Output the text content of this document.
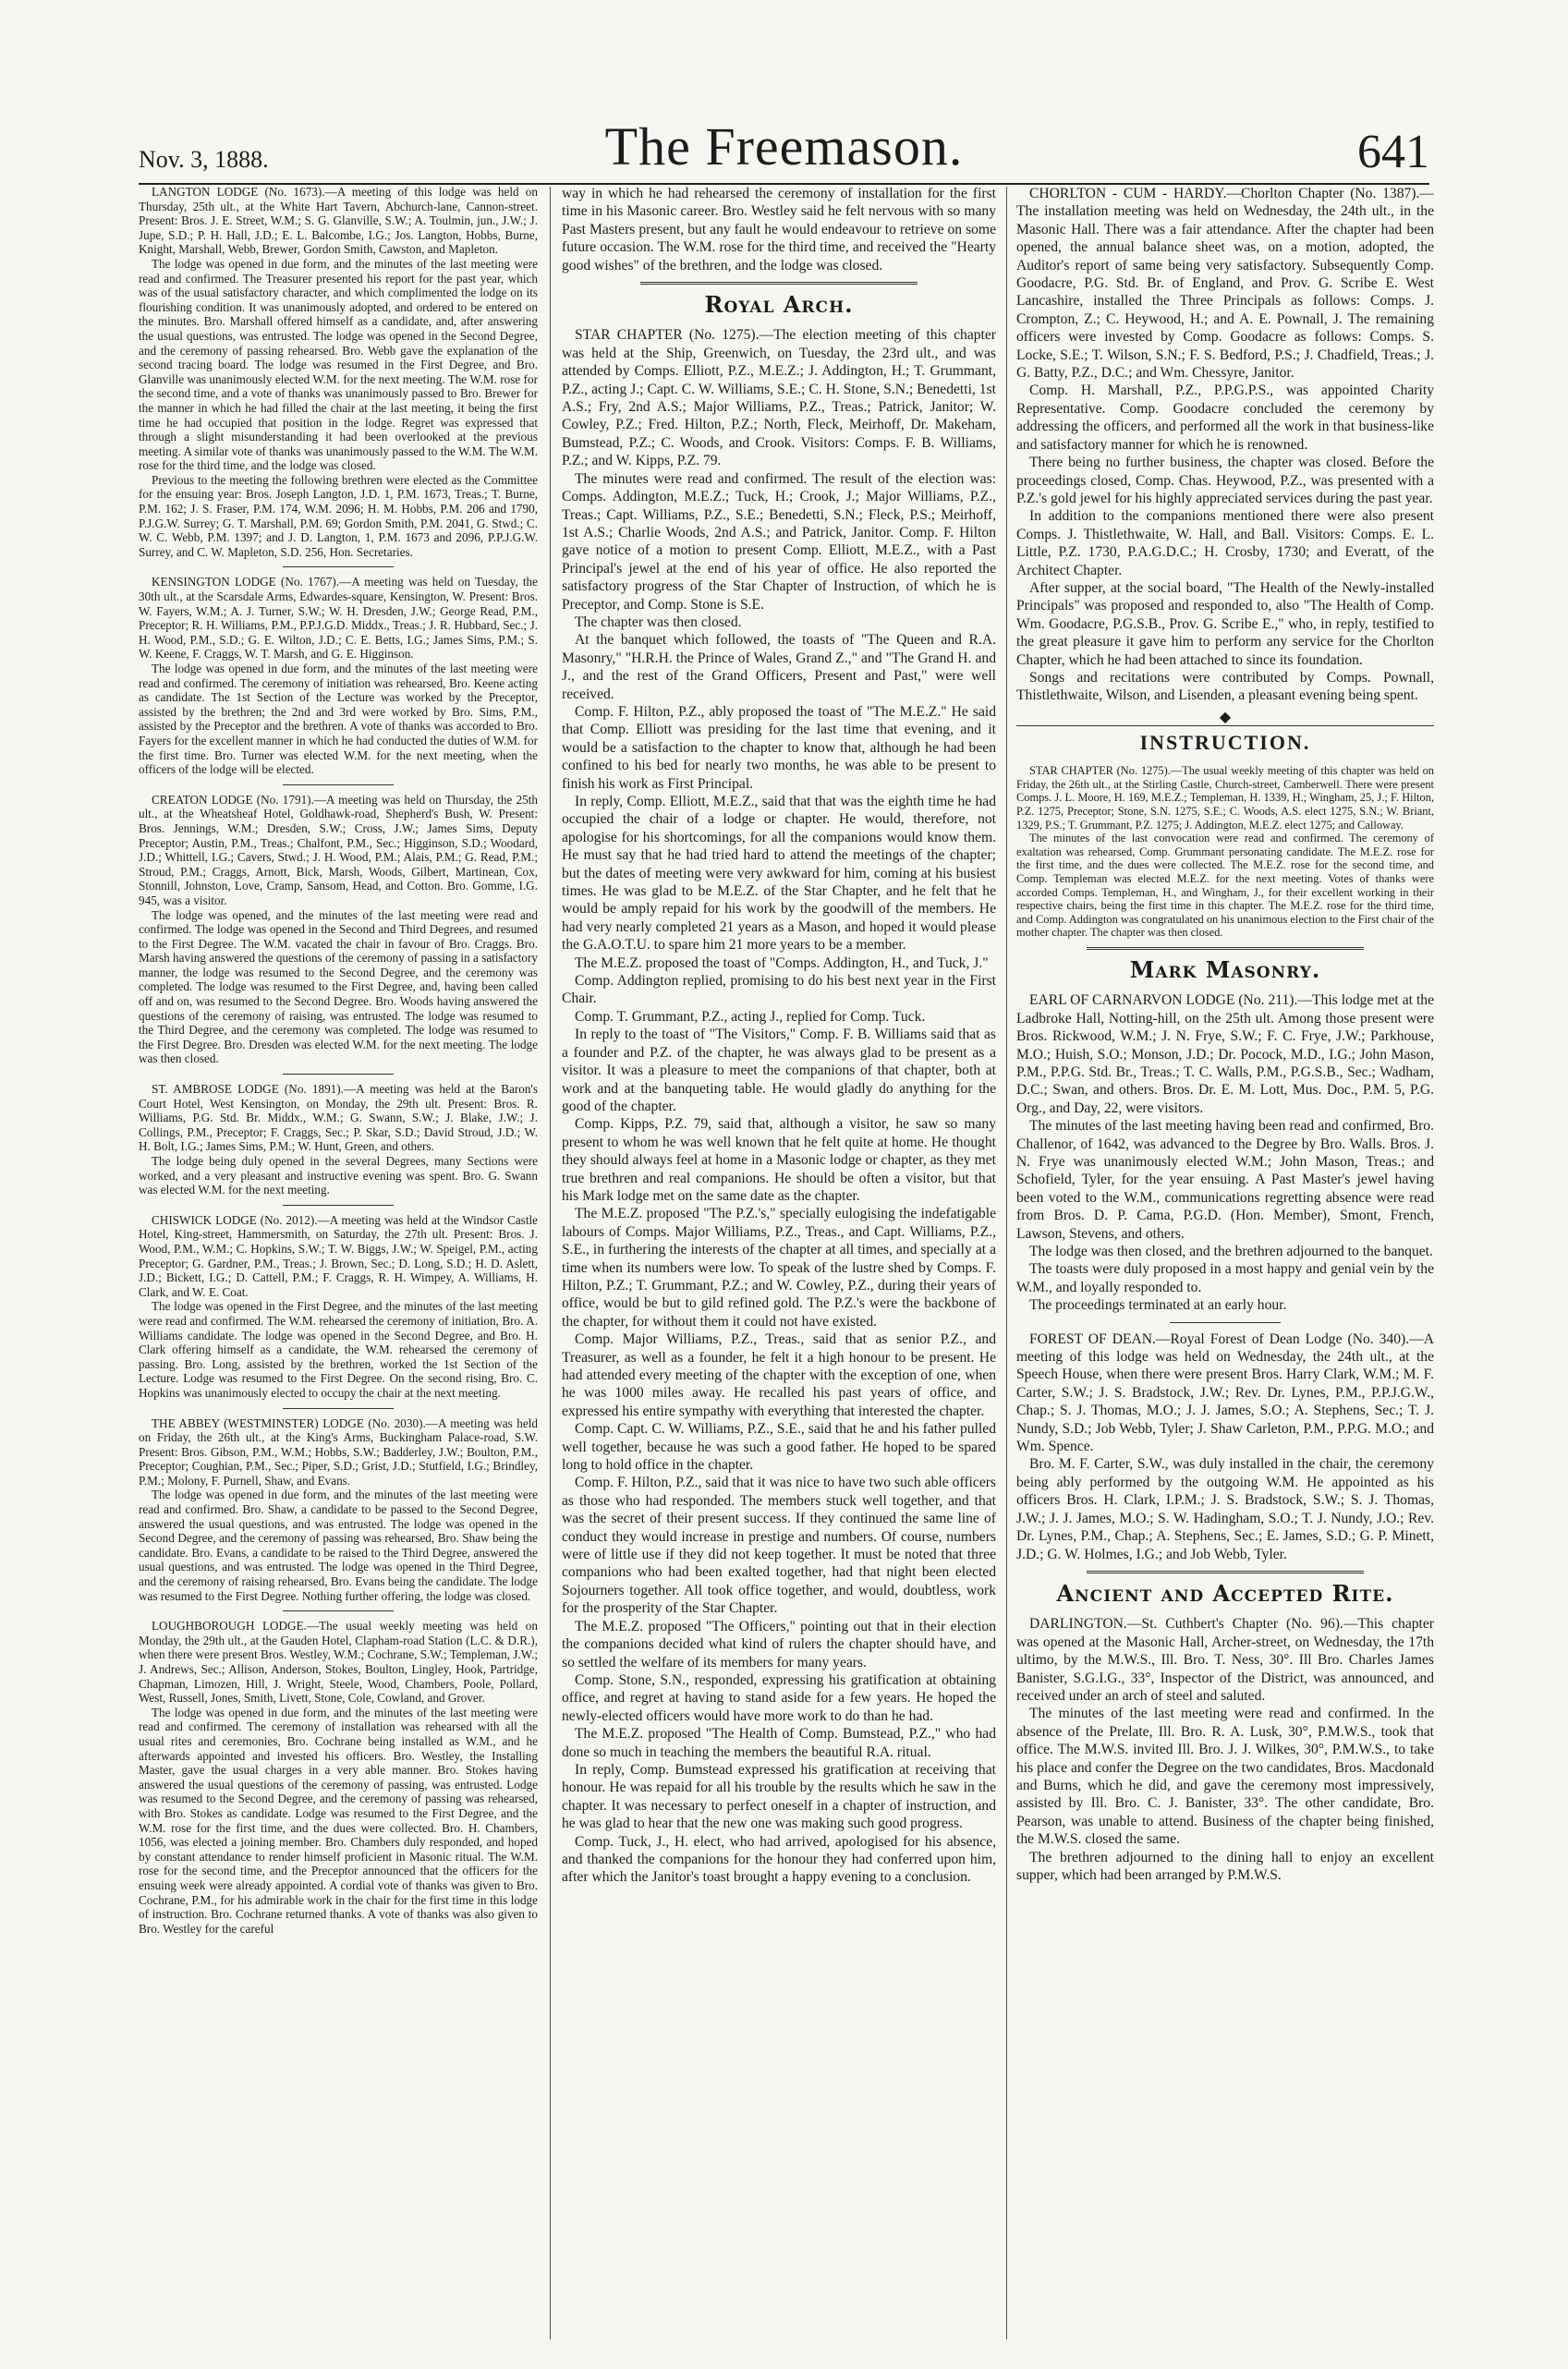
Nov. 3, 1888.	The Freemason.	641

LANGTON LODGE (No. 1673).—A meeting of this lodge was held on Thursday, 25th ult., at the White Hart Tavern, Abchurch-lane, Cannon-street. Present: Bros. J. E. Street, W.M.; S. G. Glanville, S.W.; A. Toulmin, jun., J.W.; J. Jupe, S.D.; P. H. Hall, J.D.; E. L. Balcombe, I.G.; Jos. Langton, Hobbs, Burne, Knight, Marshall, Webb, Brewer, Gordon Smith, Cawston, and Mapleton.

The lodge was opened in due form, and the minutes of the last meeting were read and confirmed. The Treasurer presented his report for the past year, which was of the usual satisfactory character, and which complimented the lodge on its flourishing condition. It was unanimously adopted, and ordered to be entered on the minutes. Bro. Marshall offered himself as a candidate, and, after answering the usual questions, was entrusted. The lodge was opened in the Second Degree, and the ceremony of passing rehearsed. Bro. Webb gave the explanation of the second tracing board. The lodge was resumed in the First Degree, and Bro. Glanville was unanimously elected W.M. for the next meeting. The W.M. rose for the second time, and a vote of thanks was unanimously passed to Bro. Brewer for the manner in which he had filled the chair at the last meeting, it being the first time he had occupied that position in the lodge. Regret was expressed that through a slight misunderstanding it had been overlooked at the previous meeting. A similar vote of thanks was unanimously passed to the W.M. The W.M. rose for the third time, and the lodge was closed.

Previous to the meeting the following brethren were elected as the Committee for the ensuing year: Bros. Joseph Langton, J.D. 1, P.M. 1673, Treas.; T. Burne, P.M. 162; J. S. Fraser, P.M. 174, W.M. 2096; H. M. Hobbs, P.M. 206 and 1790, P.J.G.W. Surrey; G. T. Marshall, P.M. 69; Gordon Smith, P.M. 2041, G. Stwd.; C. W. C. Webb, P.M. 1397; and J. D. Langton, 1, P.M. 1673 and 2096, P.P.J.G.W. Surrey, and C. W. Mapleton, S.D. 256, Hon. Secretaries.

KENSINGTON LODGE (No. 1767).—A meeting was held on Tuesday, the 30th ult., at the Scarsdale Arms, Edwardes-square, Kensington, W. Present: Bros. W. Fayers, W.M.; A. J. Turner, S.W.; W. H. Dresden, J.W.; George Read, P.M., Preceptor; R. H. Williams, P.M., P.P.J.G.D. Middx., Treas.; J. R. Hubbard, Sec.; J. H. Wood, P.M., S.D.; G. E. Wilton, J.D.; C. E. Betts, I.G.; James Sims, P.M.; S. W. Keene, F. Craggs, W. T. Marsh, and G. E. Higginson.

The lodge was opened in due form, and the minutes of the last meeting were read and confirmed. The ceremony of initiation was rehearsed, Bro. Keene acting as candidate. The 1st Section of the Lecture was worked by the Preceptor, assisted by the brethren; the 2nd and 3rd were worked by Bro. Sims, P.M., assisted by the Preceptor and the brethren. A vote of thanks was accorded to Bro. Fayers for the excellent manner in which he had conducted the duties of W.M. for the first time. Bro. Turner was elected W.M. for the next meeting, when the officers of the lodge will be elected.

CREATON LODGE (No. 1791).—A meeting was held on Thursday, the 25th ult., at the Wheatsheaf Hotel, Goldhawk-road, Shepherd's Bush, W. Present: Bros. Jennings, W.M.; Dresden, S.W.; Cross, J.W.; James Sims, Deputy Preceptor; Austin, P.M., Treas.; Chalfont, P.M., Sec.; Higginson, S.D.; Woodard, J.D.; Whittell, I.G.; Cavers, Stwd.; J. H. Wood, P.M.; Alais, P.M.; G. Read, P.M.; Stroud, P.M.; Craggs, Arnott, Bick, Marsh, Woods, Gilbert, Martinean, Cox, Stonnill, Johnston, Love, Cramp, Sansom, Head, and Cotton. Bro. Gomme, I.G. 945, was a visitor.

The lodge was opened, and the minutes of the last meeting were read and confirmed. The lodge was opened in the Second and Third Degrees, and resumed to the First Degree. The W.M. vacated the chair in favour of Bro. Craggs. Bro. Marsh having answered the questions of the ceremony of passing in a satisfactory manner, the lodge was resumed to the Second Degree, and the ceremony was completed. The lodge was resumed to the First Degree, and, having been called off and on, was resumed to the Second Degree. Bro. Woods having answered the questions of the ceremony of raising, was entrusted. The lodge was resumed to the Third Degree, and the ceremony was completed. The lodge was resumed to the First Degree. Bro. Dresden was elected W.M. for the next meeting. The lodge was then closed.

ST. AMBROSE LODGE (No. 1891).—A meeting was held at the Baron's Court Hotel, West Kensington, on Monday, the 29th ult. Present: Bros. R. Williams, P.G. Std. Br. Middx., W.M.; G. Swann, S.W.; J. Blake, J.W.; J. Collings, P.M., Preceptor; F. Craggs, Sec.; P. Skar, S.D.; David Stroud, J.D.; W. H. Bolt, I.G.; James Sims, P.M.; W. Hunt, Green, and others.

The lodge being duly opened in the several Degrees, many Sections were worked, and a very pleasant and instructive evening was spent. Bro. G. Swann was elected W.M. for the next meeting.

CHISWICK LODGE (No. 2012).—A meeting was held at the Windsor Castle Hotel, King-street, Hammersmith, on Saturday, the 27th ult. Present: Bros. J. Wood, P.M., W.M.; C. Hopkins, S.W.; T. W. Biggs, J.W.; W. Speigel, P.M., acting Preceptor; G. Gardner, P.M., Treas.; J. Brown, Sec.; D. Long, S.D.; H. D. Aslett, J.D.; Bickett, I.G.; D. Cattell, P.M.; F. Craggs, R. H. Wimpey, A. Williams, H. Clark, and W. E. Coat.

The lodge was opened in the First Degree, and the minutes of the last meeting were read and confirmed. The W.M. rehearsed the ceremony of initiation, Bro. A. Williams candidate. The lodge was opened in the Second Degree, and Bro. H. Clark offering himself as a candidate, the W.M. rehearsed the ceremony of passing. Bro. Long, assisted by the brethren, worked the 1st Section of the Lecture. Lodge was resumed to the First Degree. On the second rising, Bro. C. Hopkins was unanimously elected to occupy the chair at the next meeting.

THE ABBEY (WESTMINSTER) LODGE (No. 2030).—A meeting was held on Friday, the 26th ult., at the King's Arms, Buckingham Palace-road, S.W. Present: Bros. Gibson, P.M., W.M.; Hobbs, S.W.; Badderley, J.W.; Boulton, P.M., Preceptor; Coughian, P.M., Sec.; Piper, S.D.; Grist, J.D.; Stutfield, I.G.; Brindley, P.M.; Molony, F. Purnell, Shaw, and Evans.

The lodge was opened in due form, and the minutes of the last meeting were read and confirmed. Bro. Shaw, a candidate to be passed to the Second Degree, answered the usual questions, and was entrusted. The lodge was opened in the Second Degree, and the ceremony of passing was rehearsed, Bro. Shaw being the candidate. Bro. Evans, a candidate to be raised to the Third Degree, answered the usual questions, and was entrusted. The lodge was opened in the Third Degree, and the ceremony of raising rehearsed, Bro. Evans being the candidate. The lodge was resumed to the First Degree. Nothing further offering, the lodge was closed.

LOUGHBOROUGH LODGE.—The usual weekly meeting was held on Monday, the 29th ult., at the Gauden Hotel, Clapham-road Station (L.C. & D.R.), when there were present Bros. Westley, W.M.; Cochrane, S.W.; Templeman, J.W.; J. Andrews, Sec.; Allison, Anderson, Stokes, Boulton, Lingley, Hook, Partridge, Chapman, Limozen, Hill, J. Wright, Steele, Wood, Chambers, Poole, Pollard, West, Russell, Jones, Smith, Livett, Stone, Cole, Cowland, and Grover.

The lodge was opened in due form, and the minutes of the last meeting were read and confirmed. The ceremony of installation was rehearsed with all the usual rites and ceremonies, Bro. Cochrane being installed as W.M., and he afterwards appointed and invested his officers. Bro. Westley, the Installing Master, gave the usual charges in a very able manner. Bro. Stokes having answered the usual questions of the ceremony of passing, was entrusted. Lodge was resumed to the Second Degree, and the ceremony of passing was rehearsed, with Bro. Stokes as candidate. Lodge was resumed to the First Degree, and the W.M. rose for the first time, and the dues were collected. Bro. H. Chambers, 1056, was elected a joining member. Bro. Chambers duly responded, and hoped by constant attendance to render himself proficient in Masonic ritual. The W.M. rose for the second time, and the Preceptor announced that the officers for the ensuing week were already appointed. A cordial vote of thanks was given to Bro. Cochrane, P.M., for his admirable work in the chair for the first time in this lodge of instruction. Bro. Cochrane returned thanks. A vote of thanks was also given to Bro. Westley for the careful

way in which he had rehearsed the ceremony of installation for the first time in his Masonic career. Bro. Westley said he felt nervous with so many Past Masters present, but any fault he would endeavour to retrieve on some future occasion. The W.M. rose for the third time, and received the "Hearty good wishes" of the brethren, and the lodge was closed.

Royal Arch.

STAR CHAPTER (No. 1275).—The election meeting of this chapter was held at the Ship, Greenwich, on Tuesday, the 23rd ult., and was attended by Comps. Elliott, P.Z., M.E.Z.; J. Addington, H.; T. Grummant, P.Z., acting J.; Capt. C. W. Williams, S.E.; C. H. Stone, S.N.; Benedetti, 1st A.S.; Fry, 2nd A.S.; Major Williams, P.Z., Treas.; Patrick, Janitor; W. Cowley, P.Z.; Fred. Hilton, P.Z.; North, Fleck, Meirhoff, Dr. Makeham, Bumstead, P.Z.; C. Woods, and Crook. Visitors: Comps. F. B. Williams, P.Z.; and W. Kipps, P.Z. 79.

The minutes were read and confirmed. The result of the election was: Comps. Addington, M.E.Z.; Tuck, H.; Crook, J.; Major Williams, P.Z., Treas.; Capt. Williams, P.Z., S.E.; Benedetti, S.N.; Fleck, P.S.; Meirhoff, 1st A.S.; Charlie Woods, 2nd A.S.; and Patrick, Janitor. Comp. F. Hilton gave notice of a motion to present Comp. Elliott, M.E.Z., with a Past Principal's jewel at the end of his year of office. He also reported the satisfactory progress of the Star Chapter of Instruction, of which he is Preceptor, and Comp. Stone is S.E.

The chapter was then closed.

At the banquet which followed, the toasts of "The Queen and R.A. Masonry," "H.R.H. the Prince of Wales, Grand Z.," and "The Grand H. and J., and the rest of the Grand Officers, Present and Past," were well received.

Comp. F. Hilton, P.Z., ably proposed the toast of "The M.E.Z." He said that Comp. Elliott was presiding for the last time that evening, and it would be a satisfaction to the chapter to know that, although he had been confined to his bed for nearly two months, he was able to be present to finish his work as First Principal.

In reply, Comp. Elliott, M.E.Z., said that that was the eighth time he had occupied the chair of a lodge or chapter. He would, therefore, not apologise for his shortcomings, for all the companions would know them. He must say that he had tried hard to attend the meetings of the chapter; but the dates of meeting were very awkward for him, coming at his busiest times. He was glad to be M.E.Z. of the Star Chapter, and he felt that he would be amply repaid for his work by the goodwill of the members. He had very nearly completed 21 years as a Mason, and hoped it would please the G.A.O.T.U. to spare him 21 more years to be a member.

The M.E.Z. proposed the toast of "Comps. Addington, H., and Tuck, J."

Comp. Addington replied, promising to do his best next year in the First Chair.

Comp. T. Grummant, P.Z., acting J., replied for Comp. Tuck.

In reply to the toast of "The Visitors," Comp. F. B. Williams said that as a founder and P.Z. of the chapter, he was always glad to be present as a visitor. It was a pleasure to meet the companions of that chapter, both at work and at the banqueting table. He would gladly do anything for the good of the chapter.

Comp. Kipps, P.Z. 79, said that, although a visitor, he saw so many present to whom he was well known that he felt quite at home. He thought they should always feel at home in a Masonic lodge or chapter, as they met true brethren and real companions. He should be often a visitor, but that his Mark lodge met on the same date as the chapter.

The M.E.Z. proposed "The P.Z.'s," specially eulogising the indefatigable labours of Comps. Major Williams, P.Z., Treas., and Capt. Williams, P.Z., S.E., in furthering the interests of the chapter at all times, and specially at a time when its numbers were low. To speak of the lustre shed by Comps. F. Hilton, P.Z.; T. Grummant, P.Z.; and W. Cowley, P.Z., during their years of office, would be but to gild refined gold. The P.Z.'s were the backbone of the chapter, for without them it could not have existed.

Comp. Major Williams, P.Z., Treas., said that as senior P.Z., and Treasurer, as well as a founder, he felt it a high honour to be present. He had attended every meeting of the chapter with the exception of one, when he was 1000 miles away. He recalled his past years of office, and expressed his entire sympathy with everything that interested the chapter.

Comp. Capt. C. W. Williams, P.Z., S.E., said that he and his father pulled well together, because he was such a good father. He hoped to be spared long to hold office in the chapter.

Comp. F. Hilton, P.Z., said that it was nice to have two such able officers as those who had responded. The members stuck well together, and that was the secret of their present success. If they continued the same line of conduct they would increase in prestige and numbers. Of course, numbers were of little use if they did not keep together. It must be noted that three companions who had been exalted together, had that night been elected Sojourners together. All took office together, and would, doubtless, work for the prosperity of the Star Chapter.

The M.E.Z. proposed "The Officers," pointing out that in their election the companions decided what kind of rulers the chapter should have, and so settled the welfare of its members for many years.

Comp. Stone, S.N., responded, expressing his gratification at obtaining office, and regret at having to stand aside for a few years. He hoped the newly-elected officers would have more work to do than he had.

The M.E.Z. proposed "The Health of Comp. Bumstead, P.Z.," who had done so much in teaching the members the beautiful R.A. ritual.

In reply, Comp. Bumstead expressed his gratification at receiving that honour. He was repaid for all his trouble by the results which he saw in the chapter. It was necessary to perfect oneself in a chapter of instruction, and he was glad to hear that the new one was making such good progress.

Comp. Tuck, J., H. elect, who had arrived, apologised for his absence, and thanked the companions for the honour they had conferred upon him, after which the Janitor's toast brought a happy evening to a conclusion.

CHORLTON - CUM - HARDY.—Chorlton Chapter (No. 1387).—The installation meeting was held on Wednesday, the 24th ult., in the Masonic Hall. There was a fair attendance. After the chapter had been opened, the annual balance sheet was, on a motion, adopted, the Auditor's report of same being very satisfactory. Subsequently Comp. Goodacre, P.G. Std. Br. of England, and Prov. G. Scribe E. West Lancashire, installed the Three Principals as follows: Comps. J. Crompton, Z.; C. Heywood, H.; and A. E. Pownall, J. The remaining officers were invested by Comp. Goodacre as follows: Comps. S. Locke, S.E.; T. Wilson, S.N.; F. S. Bedford, P.S.; J. Chadfield, Treas.; J. G. Batty, P.Z., D.C.; and Wm. Chessyre, Janitor.

Comp. H. Marshall, P.Z., P.P.G.P.S., was appointed Charity Representative. Comp. Goodacre concluded the ceremony by addressing the officers, and performed all the work in that business-like and satisfactory manner for which he is renowned.

There being no further business, the chapter was closed. Before the proceedings closed, Comp. Chas. Heywood, P.Z., was presented with a P.Z.'s gold jewel for his highly appreciated services during the past year.

In addition to the companions mentioned there were also present Comps. J. Thistlethwaite, W. Hall, and Ball. Visitors: Comps. E. L. Little, P.Z. 1730, P.A.G.D.C.; H. Crosby, 1730; and Everatt, of the Architect Chapter.

After supper, at the social board, "The Health of the Newly-installed Principals" was proposed and responded to, also "The Health of Comp. Wm. Goodacre, P.G.S.B., Prov. G. Scribe E.," who, in reply, testified to the great pleasure it gave him to perform any service for the Chorlton Chapter, which he had been attached to since its foundation.

Songs and recitations were contributed by Comps. Pownall, Thistlethwaite, Wilson, and Lisenden, a pleasant evening being spent.

◆
INSTRUCTION.

STAR CHAPTER (No. 1275).—The usual weekly meeting of this chapter was held on Friday, the 26th ult., at the Stirling Castle, Church-street, Camberwell. There were present Comps. J. L. Moore, H. 169, M.E.Z.; Templeman, H. 1339, H.; Wingham, 25, J.; F. Hilton, P.Z. 1275, Preceptor; Stone, S.N. 1275, S.E.; C. Woods, A.S. elect 1275, S.N.; W. Briant, 1329, P.S.; T. Grummant, P.Z. 1275; J. Addington, M.E.Z. elect 1275; and Calloway.

The minutes of the last convocation were read and confirmed. The ceremony of exaltation was rehearsed, Comp. Grummant personating candidate. The M.E.Z. rose for the first time, and the dues were collected. The M.E.Z. rose for the second time, and Comp. Templeman was elected M.E.Z. for the next meeting. Votes of thanks were accorded Comps. Templeman, H., and Wingham, J., for their excellent working in their respective chairs, being the first time in this chapter. The M.E.Z. rose for the third time, and Comp. Addington was congratulated on his unanimous election to the First chair of the mother chapter. The chapter was then closed.

Mark Masonry.

EARL OF CARNARVON LODGE (No. 211).—This lodge met at the Ladbroke Hall, Notting-hill, on the 25th ult. Among those present were Bros. Rickwood, W.M.; J. N. Frye, S.W.; F. C. Frye, J.W.; Parkhouse, M.O.; Huish, S.O.; Monson, J.D.; Dr. Pocock, M.D., I.G.; John Mason, P.M., P.P.G. Std. Br., Treas.; T. C. Walls, P.M., P.G.S.B., Sec.; Wadham, D.C.; Swan, and others. Bros. Dr. E. M. Lott, Mus. Doc., P.M. 5, P.G. Org., and Day, 22, were visitors.

The minutes of the last meeting having been read and confirmed, Bro. Challenor, of 1642, was advanced to the Degree by Bro. Walls. Bros. J. N. Frye was unanimously elected W.M.; John Mason, Treas.; and Schofield, Tyler, for the year ensuing. A Past Master's jewel having been voted to the W.M., communications regretting absence were read from Bros. D. P. Cama, P.G.D. (Hon. Member), Smont, French, Lawson, Stevens, and others.

The lodge was then closed, and the brethren adjourned to the banquet.

The toasts were duly proposed in a most happy and genial vein by the W.M., and loyally responded to.

The proceedings terminated at an early hour.

FOREST OF DEAN.—Royal Forest of Dean Lodge (No. 340).—A meeting of this lodge was held on Wednesday, the 24th ult., at the Speech House, when there were present Bros. Harry Clark, W.M.; M. F. Carter, S.W.; J. S. Bradstock, J.W.; Rev. Dr. Lynes, P.M., P.P.J.G.W., Chap.; S. J. Thomas, M.O.; J. J. James, S.O.; A. Stephens, Sec.; T. J. Nundy, S.D.; Job Webb, Tyler; J. Shaw Carleton, P.M., P.P.G. M.O.; and Wm. Spence.

Bro. M. F. Carter, S.W., was duly installed in the chair, the ceremony being ably performed by the outgoing W.M. He appointed as his officers Bros. H. Clark, I.P.M.; J. S. Bradstock, S.W.; S. J. Thomas, J.W.; J. J. James, M.O.; S. W. Hadingham, S.O.; T. J. Nundy, J.O.; Rev. Dr. Lynes, P.M., Chap.; A. Stephens, Sec.; E. James, S.D.; G. P. Minett, J.D.; G. W. Holmes, I.G.; and Job Webb, Tyler.

Ancient and Accepted Rite.

DARLINGTON.—St. Cuthbert's Chapter (No. 96).—This chapter was opened at the Masonic Hall, Archer-street, on Wednesday, the 17th ultimo, by the M.W.S., Ill. Bro. T. Ness, 30°. Ill Bro. Charles James Banister, S.G.I.G., 33°, Inspector of the District, was announced, and received under an arch of steel and saluted.

The minutes of the last meeting were read and confirmed. In the absence of the Prelate, Ill. Bro. R. A. Lusk, 30°, P.M.W.S., took that office. The M.W.S. invited Ill. Bro. J. J. Wilkes, 30°, P.M.W.S., to take his place and confer the Degree on the two candidates, Bros. Macdonald and Burns, which he did, and gave the ceremony most impressively, assisted by Ill. Bro. C. J. Banister, 33°. The other candidate, Bro. Pearson, was unable to attend. Business of the chapter being finished, the M.W.S. closed the same.

The brethren adjourned to the dining hall to enjoy an excellent supper, which had been arranged by P.M.W.S.
